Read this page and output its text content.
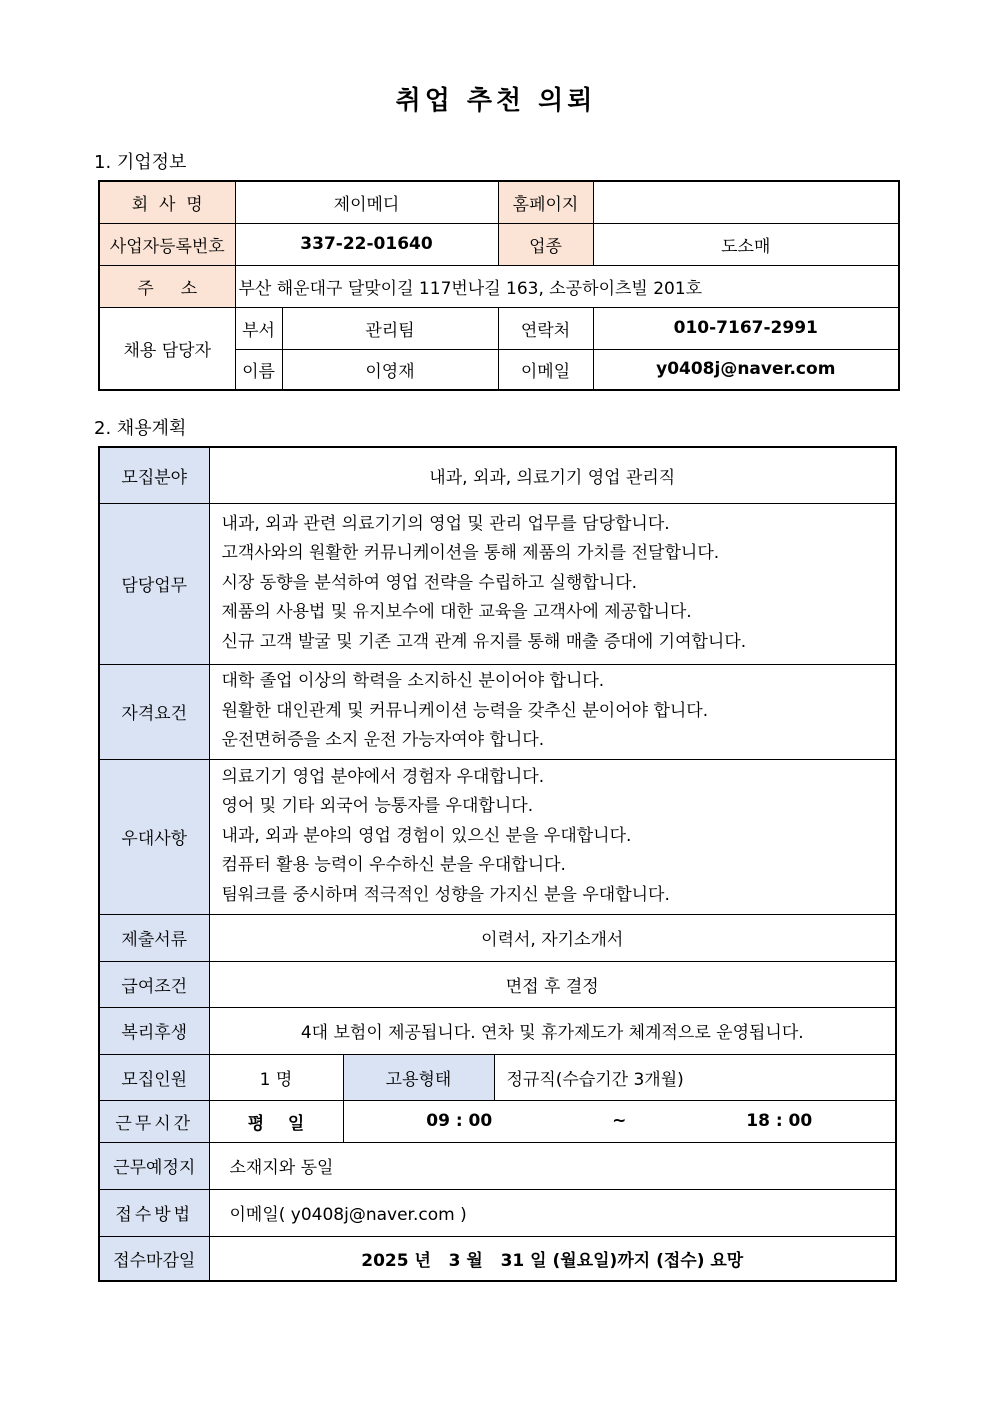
취업 추천 의뢰
1. 기업정보
회  사  명	제이메디		홈페이지	
사업자등록번호	337-22-01640		업종	도소매
주     소	부산 해운대구 달맞이길 117번나길 163, 소공하이츠빌 201호			
채용 담당자	부서	관리팀	연락처	010-7167-2991
	이름	이영재	이메일	y0408j@naver.com
2. 채용계획
모집분야	내과, 외과, 의료기기 영업 관리직		
담당업무	내과, 외과 관련 의료기기의 영업 및 관리 업무를 담당합니다.
고객사와의 원활한 커뮤니케이션을 통해 제품의 가치를 전달합니다.
시장 동향을 분석하여 영업 전략을 수립하고 실행합니다.
제품의 사용법 및 유지보수에 대한 교육을 고객사에 제공합니다.
신규 고객 발굴 및 기존 고객 관계 유지를 통해 매출 증대에 기여합니다.		

자격요건	대학 졸업 이상의 학력을 소지하신 분이어야 합니다.
원활한 대인관계 및 커뮤니케이션 능력을 갖추신 분이어야 합니다.
운전면허증을 소지 운전 가능자여야 합니다.		

우대사항	의료기기 영업 분야에서 경험자 우대합니다.
영어 및 기타 외국어 능통자를 우대합니다.
내과, 외과 분야의 영업 경험이 있으신 분을 우대합니다.
컴퓨터 활용 능력이 우수하신 분을 우대합니다.
팀워크를 중시하며 적극적인 성향을 가지신 분을 우대합니다.		

제출서류	이력서, 자기소개서		
급여조건	면접 후 결정		
복리후생	4대 보험이 제공됩니다. 연차 및 휴가제도가 체계적으로 운영됩니다.		
모집인원	1 명	고용형태	정규직(수습기간 3개월)
근무시간	평    일	09 : 00 ~ 18 : 00	
근무예정지	소재지와 동일		
접수방법	이메일( y0408j@naver.com )		
접수마감일	2025 년   3 월   31 일 (월요일)까지 (접수) 요망		
